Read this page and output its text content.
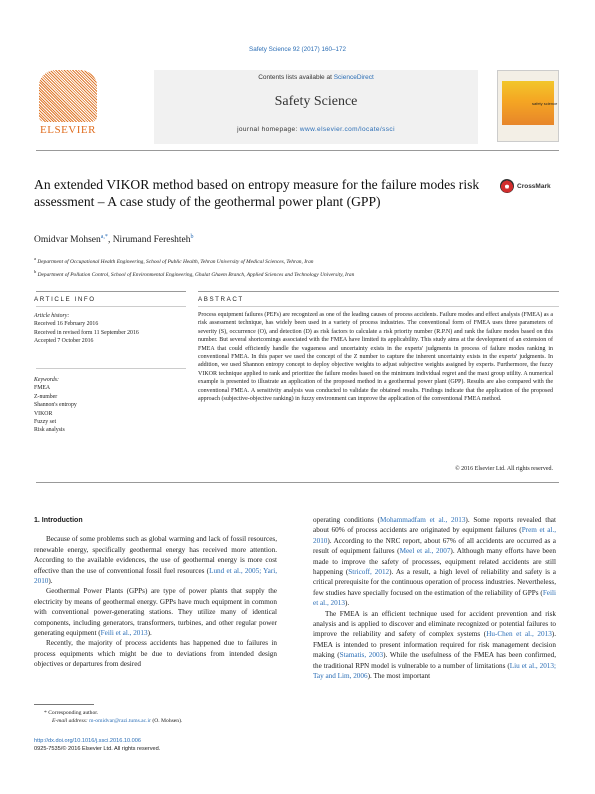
Safety Science 92 (2017) 160–172
ELSEVIER
Contents lists available at ScienceDirect
Safety Science
journal homepage: www.elsevier.com/locate/ssci
safety science
An extended VIKOR method based on entropy measure for the failure modes risk assessment – A case study of the geothermal power plant (GPP)
CrossMark
Omidvar Mohsen$^{a,*}$, Nirumand Fereshteh$^b$
$^a$ Department of Occupational Health Engineering, School of Public Health, Tehran University of Medical Sciences, Tehran, Iran
$^b$ Department of Pollution Control, School of Environmental Engineering, Ghalat Ghaem Branch, Applied Sciences and Technology University, Iran
ARTICLE INFO	ABSTRACT
Article history:
Received 16 February 2016
Received in revised form 11 September 2016
Accepted 7 October 2016
Keywords:
FMEA
Z-number
Shannon's entropy
VIKOR
Fuzzy set
Risk analysis
Process equipment failures (PEFs) are recognized as one of the leading causes of process accidents. Failure modes and effect analysis (FMEA) as a risk assessment technique, has widely been used in a variety of process industries. The conventional form of FMEA uses three parameters of severity (S), occurrence (O), and detection (D) as risk factors to calculate a risk priority number (R.P.N) and rank the failure modes based on this number. But several shortcomings associated with the FMEA have limited its applicability. This study aims at the development of an extension of FMEA that could efficiently handle the vagueness and uncertainty exists in the experts' judgments in process of failure modes ranking in conventional FMEA. In this paper we used the concept of the Z number to capture the inherent uncertainty exists in the experts' judgments. In addition, we used Shannon entropy concept to deploy objective weights to adjust subjective weights assigned by experts. Furthermore, the fuzzy VIKOR technique applied to rank and prioritize the failure modes based on the minimum individual regret and the maxi group utility. A numerical example is presented to illustrate an application of the proposed method in a geothermal power plant (GPP). Results are also compared with the conventional FMEA. A sensitivity analysis was conducted to validate the obtained results. Findings indicate that the application of the proposed approach (subjective-objective ranking) in fuzzy environment can improve the application of the conventional FMEA method.
© 2016 Elsevier Ltd. All rights reserved.
1. Introduction

Because of some problems such as global warming and lack of fossil resources, renewable energy, specifically geothermal energy has received more attention. According to the available evidences, the use of geothermal energy is more cost effective than the use of conventional fossil fuel resources (Lund et al., 2005; Yari, 2010).

Geothermal Power Plants (GPPs) are type of power plants that supply the electricity by means of geothermal energy. GPPs have much equipment in common with conventional power-generating stations. They utilize many of identical components, including generators, transformers, turbines, and other regular power generating equipment (Feili et al., 2013).

Recently, the majority of process accidents has happened due to failures in process equipments which might be due to deviations from intended design objectives or departures from desired

operating conditions (Mohammadfam et al., 2013). Some reports revealed that about 60% of process accidents are originated by equipment failures (Prem et al., 2010). According to the NRC report, about 67% of all accidents are occurred as a result of equipment failures (Meel et al., 2007). Although many efforts have been made to improve the safety of processes, equipment related accidents are still happening (Stricoff, 2012). As a result, a high level of reliability and safety is a critical prerequisite for the continuous operation of process industries. Nevertheless, few studies have specially focused on the estimation of the reliability of GPPs (Feili et al., 2013).

The FMEA is an efficient technique used for accident prevention and risk analysis and is applied to discover and eliminate recognized or potential failures to improve the reliability and safety of complex systems (Hu-Chen et al., 2013). FMEA is intended to present information required for risk management decision making (Stamatis, 2003). While the usefulness of the FMEA has been confirmed, the traditional RPN model is vulnerable to a number of limitations (Liu et al., 2013; Tay and Lim, 2006). The most important

* Corresponding author.
E-mail address: m-omidvar@razi.tums.ac.ir (O. Mohsen).
http://dx.doi.org/10.1016/j.ssci.2016.10.006
0925-7535/© 2016 Elsevier Ltd. All rights reserved.
